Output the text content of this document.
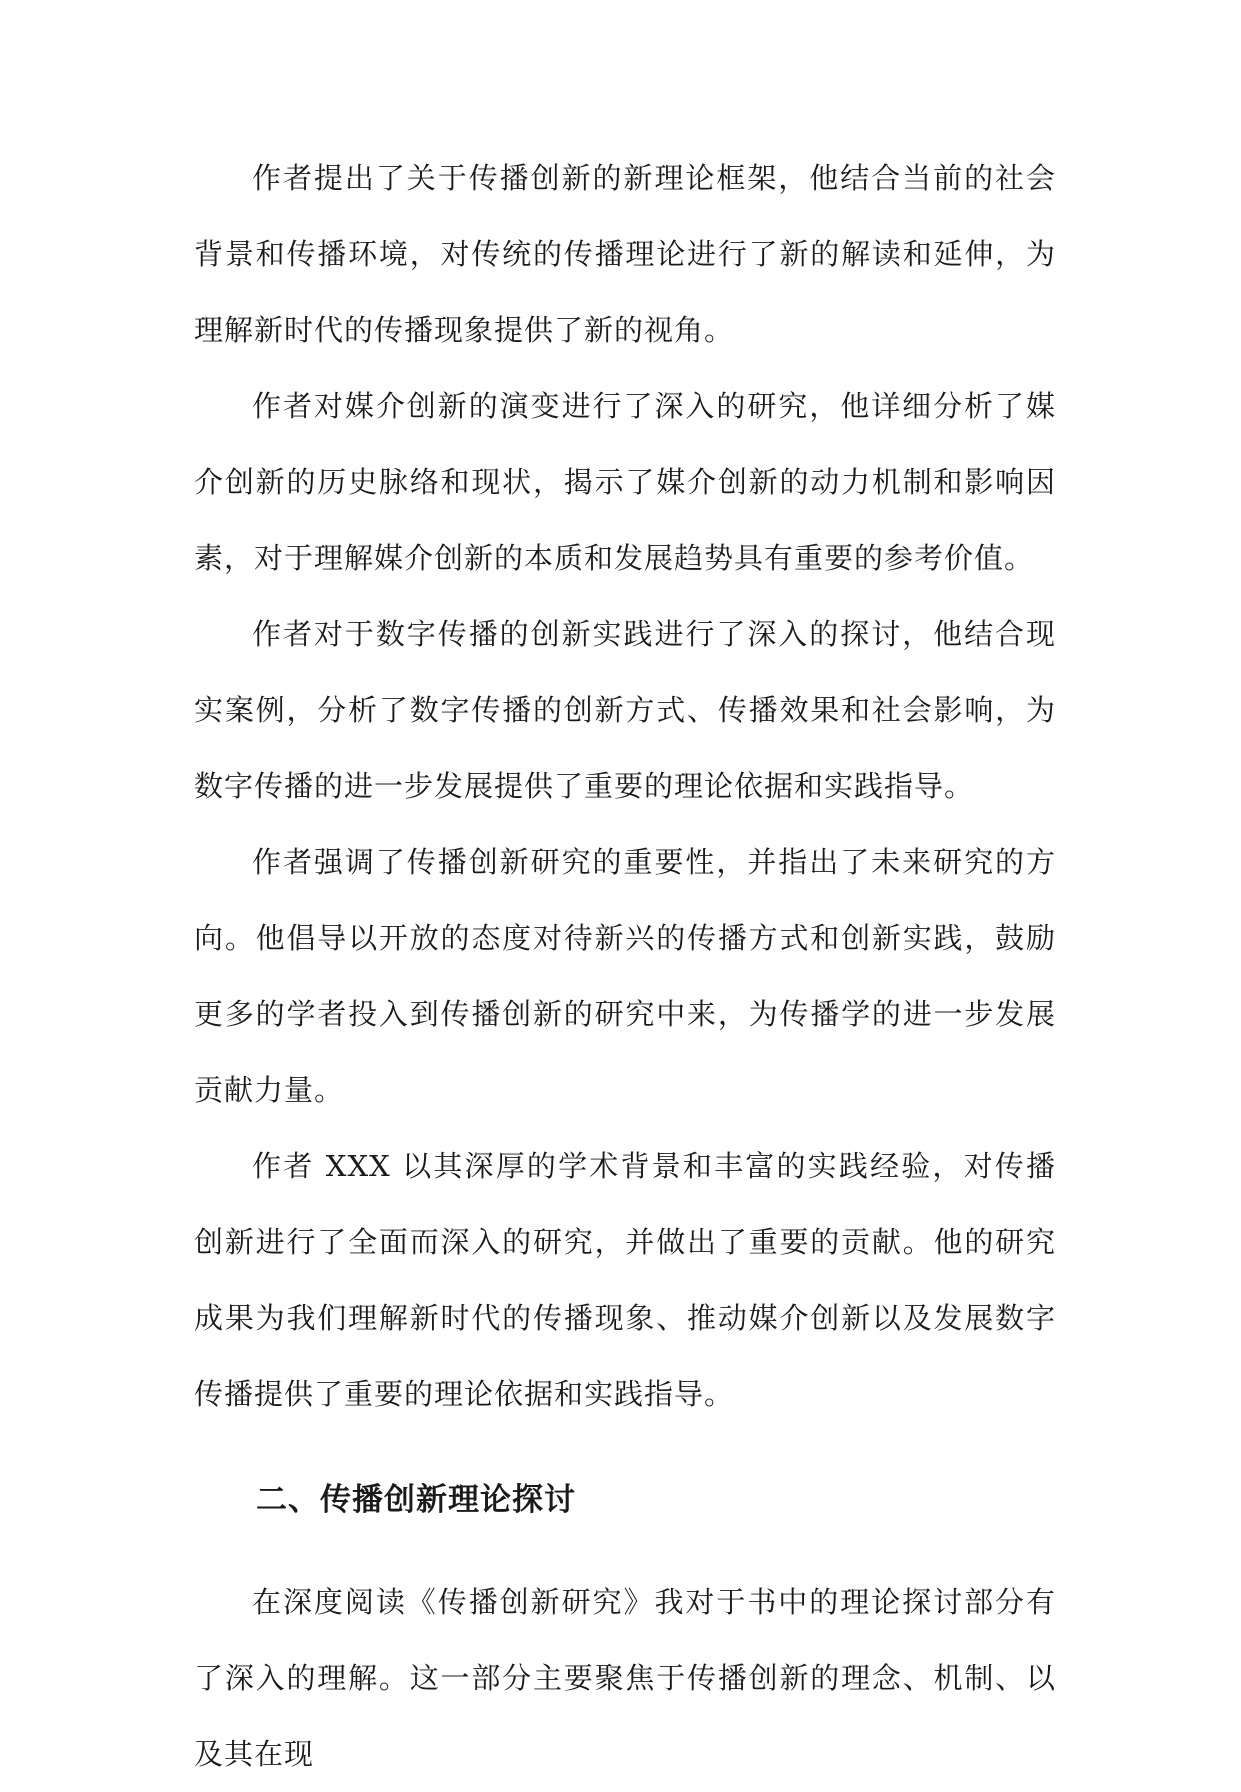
作者提出了关于传播创新的新理论框架，他结合当前的社会背景和传播环境，对传统的传播理论进行了新的解读和延伸，为理解新时代的传播现象提供了新的视角。

作者对媒介创新的演变进行了深入的研究，他详细分析了媒介创新的历史脉络和现状，揭示了媒介创新的动力机制和影响因素，对于理解媒介创新的本质和发展趋势具有重要的参考价值。

作者对于数字传播的创新实践进行了深入的探讨，他结合现实案例，分析了数字传播的创新方式、传播效果和社会影响，为数字传播的进一步发展提供了重要的理论依据和实践指导。

作者强调了传播创新研究的重要性，并指出了未来研究的方向。他倡导以开放的态度对待新兴的传播方式和创新实践，鼓励更多的学者投入到传播创新的研究中来，为传播学的进一步发展贡献力量。

作者 XXX 以其深厚的学术背景和丰富的实践经验，对传播创新进行了全面而深入的研究，并做出了重要的贡献。他的研究成果为我们理解新时代的传播现象、推动媒介创新以及发展数字传播提供了重要的理论依据和实践指导。

二、传播创新理论探讨

在深度阅读《传播创新研究》我对于书中的理论探讨部分有了深入的理解。这一部分主要聚焦于传播创新的理念、机制、以及其在现
